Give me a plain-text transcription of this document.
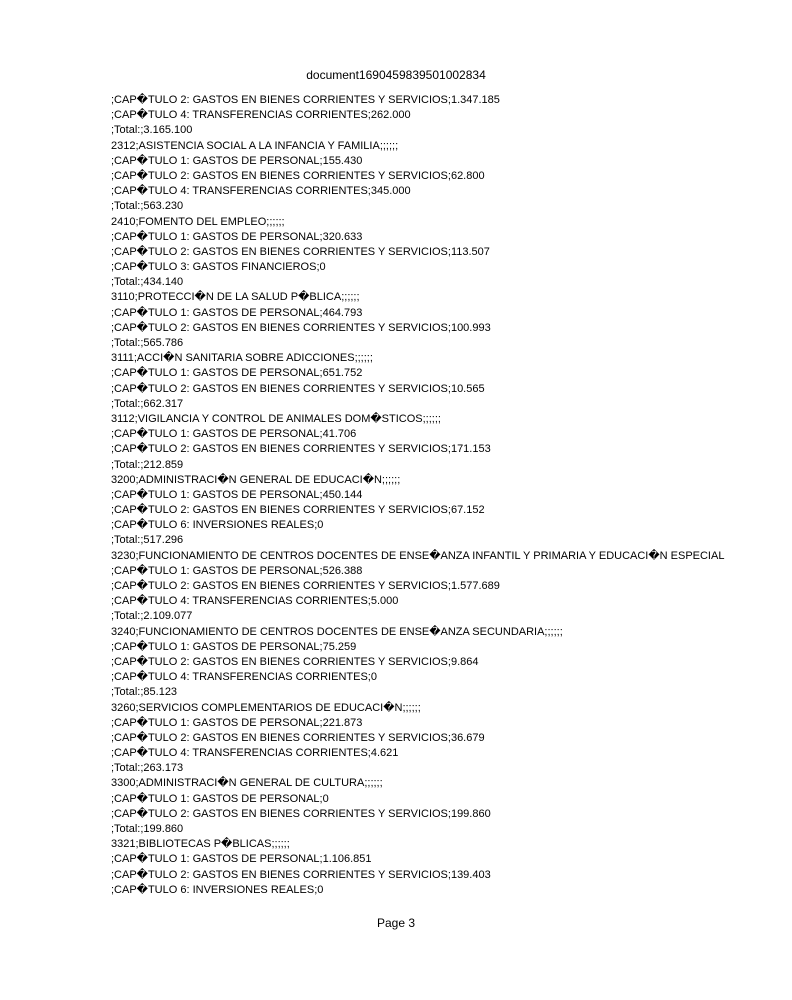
document1690459839501002834
;CAP�TULO 2: GASTOS EN BIENES CORRIENTES Y SERVICIOS;1.347.185
;CAP�TULO 4: TRANSFERENCIAS CORRIENTES;262.000
;Total:;3.165.100
2312;ASISTENCIA SOCIAL A LA INFANCIA Y FAMILIA;;;;;;
;CAP�TULO 1: GASTOS DE PERSONAL;155.430
;CAP�TULO 2: GASTOS EN BIENES CORRIENTES Y SERVICIOS;62.800
;CAP�TULO 4: TRANSFERENCIAS CORRIENTES;345.000
;Total:;563.230
2410;FOMENTO DEL EMPLEO;;;;;;
;CAP�TULO 1: GASTOS DE PERSONAL;320.633
;CAP�TULO 2: GASTOS EN BIENES CORRIENTES Y SERVICIOS;113.507
;CAP�TULO 3: GASTOS FINANCIEROS;0
;Total:;434.140
3110;PROTECCI�N DE LA SALUD P�BLICA;;;;;;
;CAP�TULO 1: GASTOS DE PERSONAL;464.793
;CAP�TULO 2: GASTOS EN BIENES CORRIENTES Y SERVICIOS;100.993
;Total:;565.786
3111;ACCI�N SANITARIA SOBRE ADICCIONES;;;;;;
;CAP�TULO 1: GASTOS DE PERSONAL;651.752
;CAP�TULO 2: GASTOS EN BIENES CORRIENTES Y SERVICIOS;10.565
;Total:;662.317
3112;VIGILANCIA Y CONTROL DE ANIMALES DOM�STICOS;;;;;;
;CAP�TULO 1: GASTOS DE PERSONAL;41.706
;CAP�TULO 2: GASTOS EN BIENES CORRIENTES Y SERVICIOS;171.153
;Total:;212.859
3200;ADMINISTRACI�N GENERAL DE EDUCACI�N;;;;;;
;CAP�TULO 1: GASTOS DE PERSONAL;450.144
;CAP�TULO 2: GASTOS EN BIENES CORRIENTES Y SERVICIOS;67.152
;CAP�TULO 6: INVERSIONES REALES;0
;Total:;517.296
3230;FUNCIONAMIENTO DE CENTROS DOCENTES DE ENSE�ANZA INFANTIL Y PRIMARIA Y EDUCACI�N ESPECIAL
;CAP�TULO 1: GASTOS DE PERSONAL;526.388
;CAP�TULO 2: GASTOS EN BIENES CORRIENTES Y SERVICIOS;1.577.689
;CAP�TULO 4: TRANSFERENCIAS CORRIENTES;5.000
;Total:;2.109.077
3240;FUNCIONAMIENTO DE CENTROS DOCENTES DE ENSE�ANZA SECUNDARIA;;;;;;
;CAP�TULO 1: GASTOS DE PERSONAL;75.259
;CAP�TULO 2: GASTOS EN BIENES CORRIENTES Y SERVICIOS;9.864
;CAP�TULO 4: TRANSFERENCIAS CORRIENTES;0
;Total:;85.123
3260;SERVICIOS COMPLEMENTARIOS DE EDUCACI�N;;;;;;
;CAP�TULO 1: GASTOS DE PERSONAL;221.873
;CAP�TULO 2: GASTOS EN BIENES CORRIENTES Y SERVICIOS;36.679
;CAP�TULO 4: TRANSFERENCIAS CORRIENTES;4.621
;Total:;263.173
3300;ADMINISTRACI�N GENERAL DE CULTURA;;;;;;
;CAP�TULO 1: GASTOS DE PERSONAL;0
;CAP�TULO 2: GASTOS EN BIENES CORRIENTES Y SERVICIOS;199.860
;Total:;199.860
3321;BIBLIOTECAS P�BLICAS;;;;;;
;CAP�TULO 1: GASTOS DE PERSONAL;1.106.851
;CAP�TULO 2: GASTOS EN BIENES CORRIENTES Y SERVICIOS;139.403
;CAP�TULO 6: INVERSIONES REALES;0
Page 3
